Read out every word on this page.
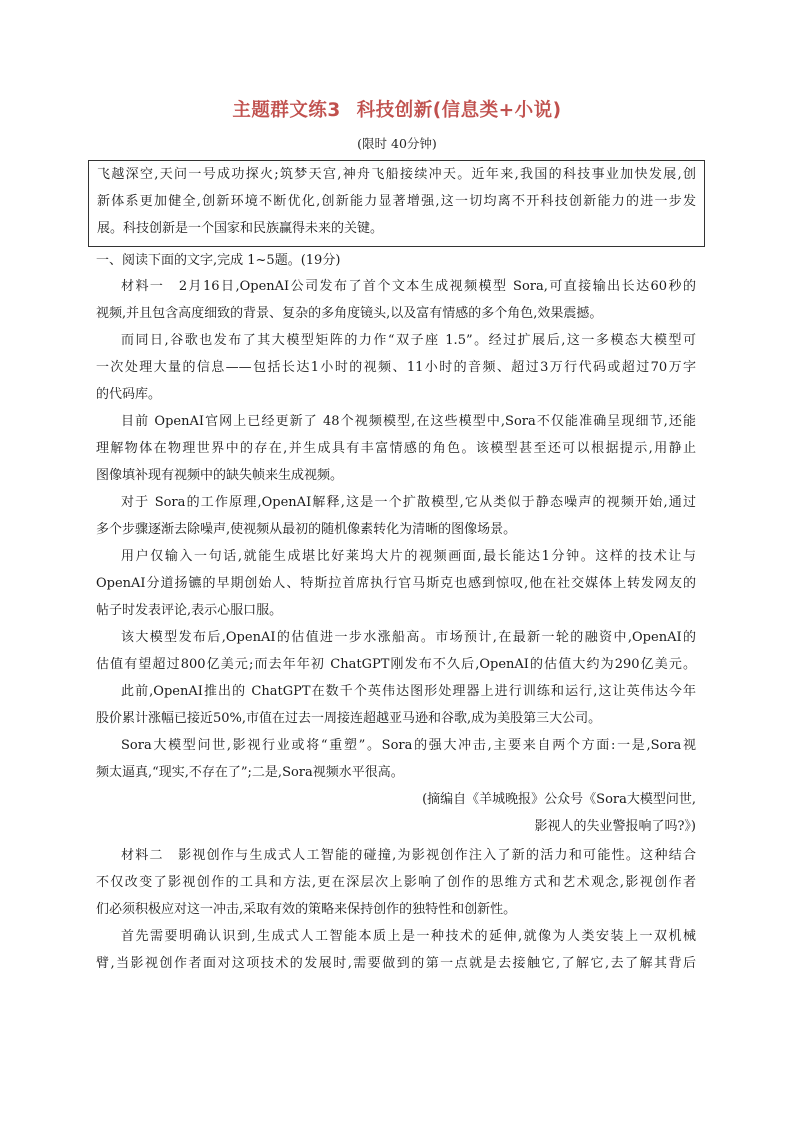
主题群文练3 科技创新(信息类+小说)
(限时 40分钟)
飞越深空,天问一号成功探火;筑梦天宫,神舟飞船接续冲天。近年来,我国的科技事业加快发展,创
新体系更加健全,创新环境不断优化,创新能力显著增强,这一切均离不开科技创新能力的进一步发
展。科技创新是一个国家和民族赢得未来的关键。
一、阅读下面的文字,完成 1~5题。(19分)
材料一　2月16日,OpenAI公司发布了首个文本生成视频模型 Sora,可直接输出长达60秒的
视频,并且包含高度细致的背景、复杂的多角度镜头,以及富有情感的多个角色,效果震撼。
而同日,谷歌也发布了其大模型矩阵的力作“双子座 1.5”。经过扩展后,这一多模态大模型可
一次处理大量的信息——包括长达1小时的视频、11小时的音频、超过3万行代码或超过70万字
的代码库。
目前 OpenAI官网上已经更新了 48个视频模型,在这些模型中,Sora不仅能准确呈现细节,还能
理解物体在物理世界中的存在,并生成具有丰富情感的角色。该模型甚至还可以根据提示,用静止
图像填补现有视频中的缺失帧来生成视频。
对于 Sora的工作原理,OpenAI解释,这是一个扩散模型,它从类似于静态噪声的视频开始,通过
多个步骤逐渐去除噪声,使视频从最初的随机像素转化为清晰的图像场景。
用户仅输入一句话,就能生成堪比好莱坞大片的视频画面,最长能达1分钟。这样的技术让与
OpenAI分道扬镳的早期创始人、特斯拉首席执行官马斯克也感到惊叹,他在社交媒体上转发网友的
帖子时发表评论,表示心服口服。
该大模型发布后,OpenAI的估值进一步水涨船高。市场预计,在最新一轮的融资中,OpenAI的
估值有望超过800亿美元;而去年年初 ChatGPT刚发布不久后,OpenAI的估值大约为290亿美元。
此前,OpenAI推出的 ChatGPT在数千个英伟达图形处理器上进行训练和运行,这让英伟达今年
股价累计涨幅已接近50%,市值在过去一周接连超越亚马逊和谷歌,成为美股第三大公司。
Sora大模型问世,影视行业或将“重塑”。Sora的强大冲击,主要来自两个方面:一是,Sora视
频太逼真,“现实,不存在了”;二是,Sora视频水平很高。
(摘编自《羊城晚报》公众号《Sora大模型问世,
影视人的失业警报响了吗?》)
材料二　影视创作与生成式人工智能的碰撞,为影视创作注入了新的活力和可能性。这种结合
不仅改变了影视创作的工具和方法,更在深层次上影响了创作的思维方式和艺术观念,影视创作者
们必须积极应对这一冲击,采取有效的策略来保持创作的独特性和创新性。
首先需要明确认识到,生成式人工智能本质上是一种技术的延伸,就像为人类安装上一双机械
臂,当影视创作者面对这项技术的发展时,需要做到的第一点就是去接触它,了解它,去了解其背后
